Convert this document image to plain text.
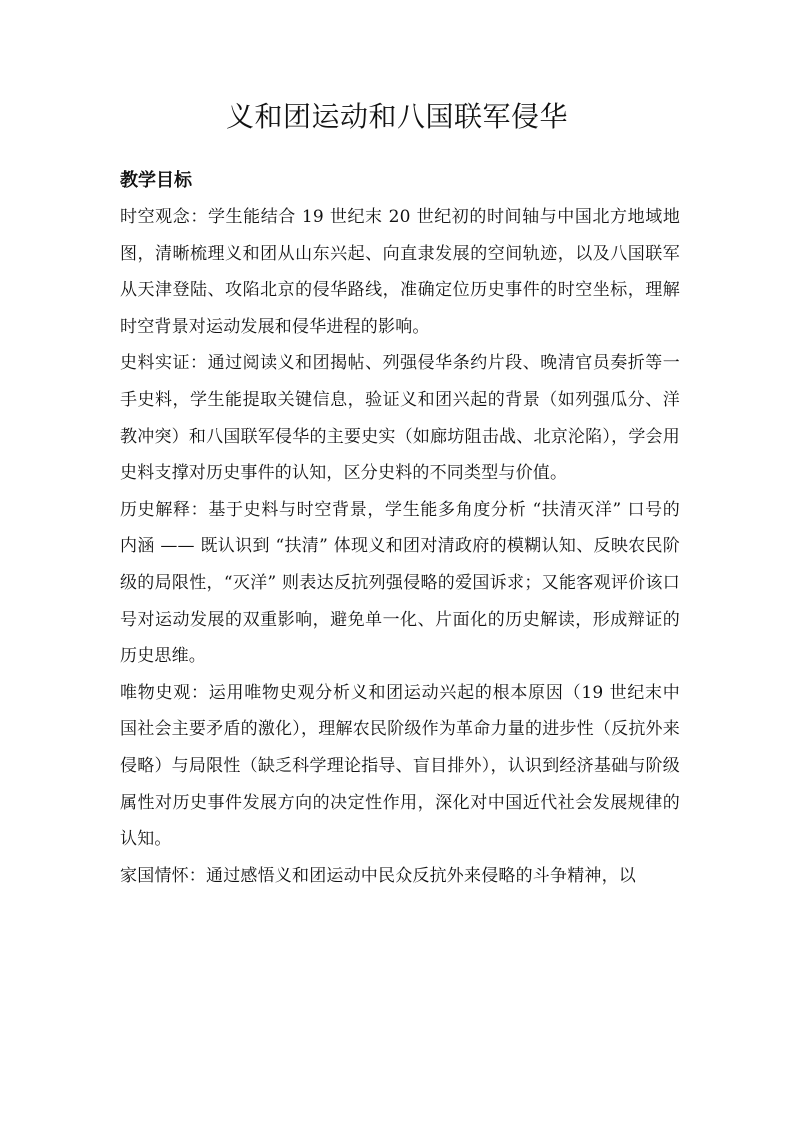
义和团运动和八国联军侵华
教学目标

时空观念：学生能结合 19 世纪末 20 世纪初的时间轴与中国北方地域地图，清晰梳理义和团从山东兴起、向直隶发展的空间轨迹，以及八国联军从天津登陆、攻陷北京的侵华路线，准确定位历史事件的时空坐标，理解时空背景对运动发展和侵华进程的影响。

史料实证：通过阅读义和团揭帖、列强侵华条约片段、晚清官员奏折等一手史料，学生能提取关键信息，验证义和团兴起的背景（如列强瓜分、洋教冲突）和八国联军侵华的主要史实（如廊坊阻击战、北京沦陷），学会用史料支撑对历史事件的认知，区分史料的不同类型与价值。

历史解释：基于史料与时空背景，学生能多角度分析 “扶清灭洋” 口号的内涵 —— 既认识到 “扶清” 体现义和团对清政府的模糊认知、反映农民阶级的局限性，“灭洋” 则表达反抗列强侵略的爱国诉求；又能客观评价该口号对运动发展的双重影响，避免单一化、片面化的历史解读，形成辩证的历史思维。

唯物史观：运用唯物史观分析义和团运动兴起的根本原因（19 世纪末中国社会主要矛盾的激化），理解农民阶级作为革命力量的进步性（反抗外来侵略）与局限性（缺乏科学理论指导、盲目排外），认识到经济基础与阶级属性对历史事件发展方向的决定性作用，深化对中国近代社会发展规律的认知。

家国情怀：通过感悟义和团运动中民众反抗外来侵略的斗争精神，以
